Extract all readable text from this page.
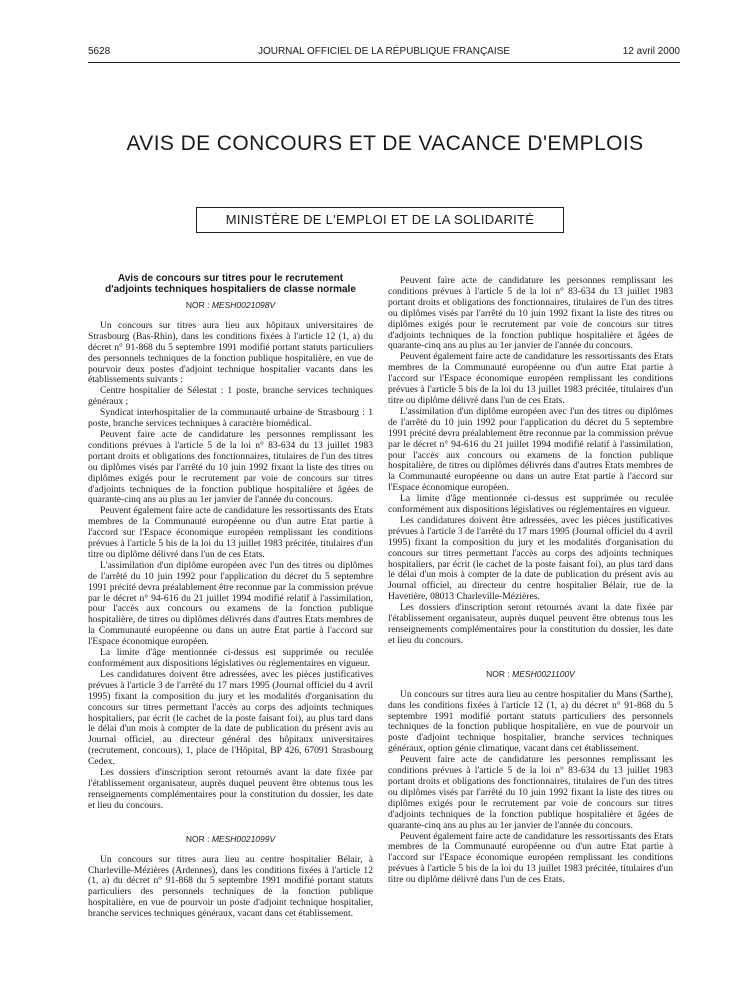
5628	JOURNAL OFFICIEL DE LA RÉPUBLIQUE FRANÇAISE	12 avril 2000
AVIS DE CONCOURS ET DE VACANCE D'EMPLOIS
MINISTÈRE DE L'EMPLOI ET DE LA SOLIDARITÉ
Avis de concours sur titres pour le recrutement
d'adjoints techniques hospitaliers de classe normale
NOR : MESH0021098V

Un concours sur titres aura lieu aux hôpitaux universitaires de Strasbourg (Bas-Rhin), dans les conditions fixées à l'article 12 (1, a) du décret n° 91-868 du 5 septembre 1991 modifié portant statuts particuliers des personnels techniques de la fonction publique hospitalière, en vue de pourvoir deux postes d'adjoint technique hospitalier vacants dans les établissements suivants :

Centre hospitalier de Sélestat : 1 poste, branche services techniques généraux ;

Syndicat interhospitalier de la communauté urbaine de Strasbourg : 1 poste, branche services techniques à caractère biomédical.

Peuvent faire acte de candidature les personnes remplissant les conditions prévues à l'article 5 de la loi n° 83-634 du 13 juillet 1983 portant droits et obligations des fonctionnaires, titulaires de l'un des titres ou diplômes visés par l'arrêté du 10 juin 1992 fixant la liste des titres ou diplômes exigés pour le recrutement par voie de concours sur titres d'adjoints techniques de la fonction publique hospitalière et âgées de quarante-cinq ans au plus au 1er janvier de l'année du concours.

Peuvent également faire acte de candidature les ressortissants des Etats membres de la Communauté européenne ou d'un autre Etat partie à l'accord sur l'Espace économique européen remplissant les conditions prévues à l'article 5 bis de la loi du 13 juillet 1983 précitée, titulaires d'un titre ou diplôme délivré dans l'un de ces Etats.

L'assimilation d'un diplôme européen avec l'un des titres ou diplômes de l'arrêté du 10 juin 1992 pour l'application du décret du 5 septembre 1991 précité devra préalablement être reconnue par la commission prévue par le décret n° 94-616 du 21 juillet 1994 modifié relatif à l'assimilation, pour l'accès aux concours ou examens de la fonction publique hospitalière, de titres ou diplômes délivrés dans d'autres Etats membres de la Communauté européenne ou dans un autre Etat partie à l'accord sur l'Espace économique européen.

La limite d'âge mentionnée ci-dessus est supprimée ou reculée conformément aux dispositions législatives ou réglementaires en vigueur.

Les candidatures doivent être adressées, avec les pièces justificatives prévues à l'article 3 de l'arrêté du 17 mars 1995 (Journal officiel du 4 avril 1995) fixant la composition du jury et les modalités d'organisation du concours sur titres permettant l'accès au corps des adjoints techniques hospitaliers, par écrit (le cachet de la poste faisant foi), au plus tard dans le délai d'un mois à compter de la date de publication du présent avis au Journal officiel, au directeur général des hôpitaux universitaires (recrutement, concours), 1, place de l'Hôpital, BP 426, 67091 Strasbourg Cedex.

Les dossiers d'inscription seront retournés avant la date fixée par l'établissement organisateur, auprès duquel peuvent être obtenus tous les renseignements complémentaires pour la constitution du dossier, les date et lieu du concours.

NOR : MESH0021099V

Un concours sur titres aura lieu au centre hospitalier Bélair, à Charleville-Mézières (Ardennes), dans les conditions fixées à l'article 12 (1, a) du décret n° 91-868 du 5 septembre 1991 modifié portant statuts particuliers des personnels techniques de la fonction publique hospitalière, en vue de pourvoir un poste d'adjoint technique hospitalier, branche services techniques généraux, vacant dans cet établissement.

Peuvent faire acte de candidature les personnes remplissant les conditions prévues à l'article 5 de la loi n° 83-634 du 13 juillet 1983 portant droits et obligations des fonctionnaires, titulaires de l'un des titres ou diplômes visés par l'arrêté du 10 juin 1992 fixant la liste des titres ou diplômes exigés pour le recrutement par voie de concours sur titres d'adjoints techniques de la fonction publique hospitalière et âgées de quarante-cinq ans au plus au 1er janvier de l'année du concours.

Peuvent également faire acte de candidature les ressortissants des Etats membres de la Communauté européenne ou d'un autre Etat partie à l'accord sur l'Espace économique européen remplissant les conditions prévues à l'article 5 bis de la loi du 13 juillet 1983 précitée, titulaires d'un titre ou diplôme délivré dans l'un de ces Etats.

L'assimilation d'un diplôme européen avec l'un des titres ou diplômes de l'arrêté du 10 juin 1992 pour l'application du décret du 5 septembre 1991 précité devra préalablement être reconnue par la commission prévue par le décret n° 94-616 du 21 juillet 1994 modifié relatif à l'assimilation, pour l'accès aux concours ou examens de la fonction publique hospitalière, de titres ou diplômes délivrés dans d'autres Etats membres de la Communauté européenne ou dans un autre Etat partie à l'accord sur l'Espace économique européen.

La limite d'âge mentionnée ci-dessus est supprimée ou reculée conformément aux dispositions législatives ou réglementaires en vigueur.

Les candidatures doivent être adressées, avec les pièces justificatives prévues à l'article 3 de l'arrêté du 17 mars 1995 (Journal officiel du 4 avril 1995) fixant la composition du jury et les modalités d'organisation du concours sur titres permettant l'accès au corps des adjoints techniques hospitaliers, par écrit (le cachet de la poste faisant foi), au plus tard dans le délai d'un mois à compter de la date de publication du présent avis au Journal officiel, au directeur du centre hospitalier Bélair, rue de la Havetière, 08013 Charleville-Mézières.

Les dossiers d'inscription seront retournés avant la date fixée par l'établissement organisateur, auprès duquel peuvent être obtenus tous les renseignements complémentaires pour la constitution du dossier, les date et lieu du concours.

NOR : MESH0021100V

Un concours sur titres aura lieu au centre hospitalier du Mans (Sarthe), dans les conditions fixées à l'article 12 (1, a) du décret n° 91-868 du 5 septembre 1991 modifié portant statuts particuliers des personnels techniques de la fonction publique hospitalière, en vue de pourvoir un poste d'adjoint technique hospitalier, branche services techniques généraux, option génie climatique, vacant dans cet établissement.

Peuvent faire acte de candidature les personnes remplissant les conditions prévues à l'article 5 de la loi n° 83-634 du 13 juillet 1983 portant droits et obligations des fonctionnaires, titulaires de l'un des titres ou diplômes visés par l'arrêté du 10 juin 1992 fixant la liste des titres ou diplômes exigés pour le recrutement par voie de concours sur titres d'adjoints techniques de la fonction publique hospitalière et âgées de quarante-cinq ans au plus au 1er janvier de l'année du concours.

Peuvent également faire acte de candidature les ressortissants des Etats membres de la Communauté européenne ou d'un autre Etat partie à l'accord sur l'Espace économique européen remplissant les conditions prévues à l'article 5 bis de la loi du 13 juillet 1983 précitée, titulaires d'un titre ou diplôme délivré dans l'un de ces Etats.
